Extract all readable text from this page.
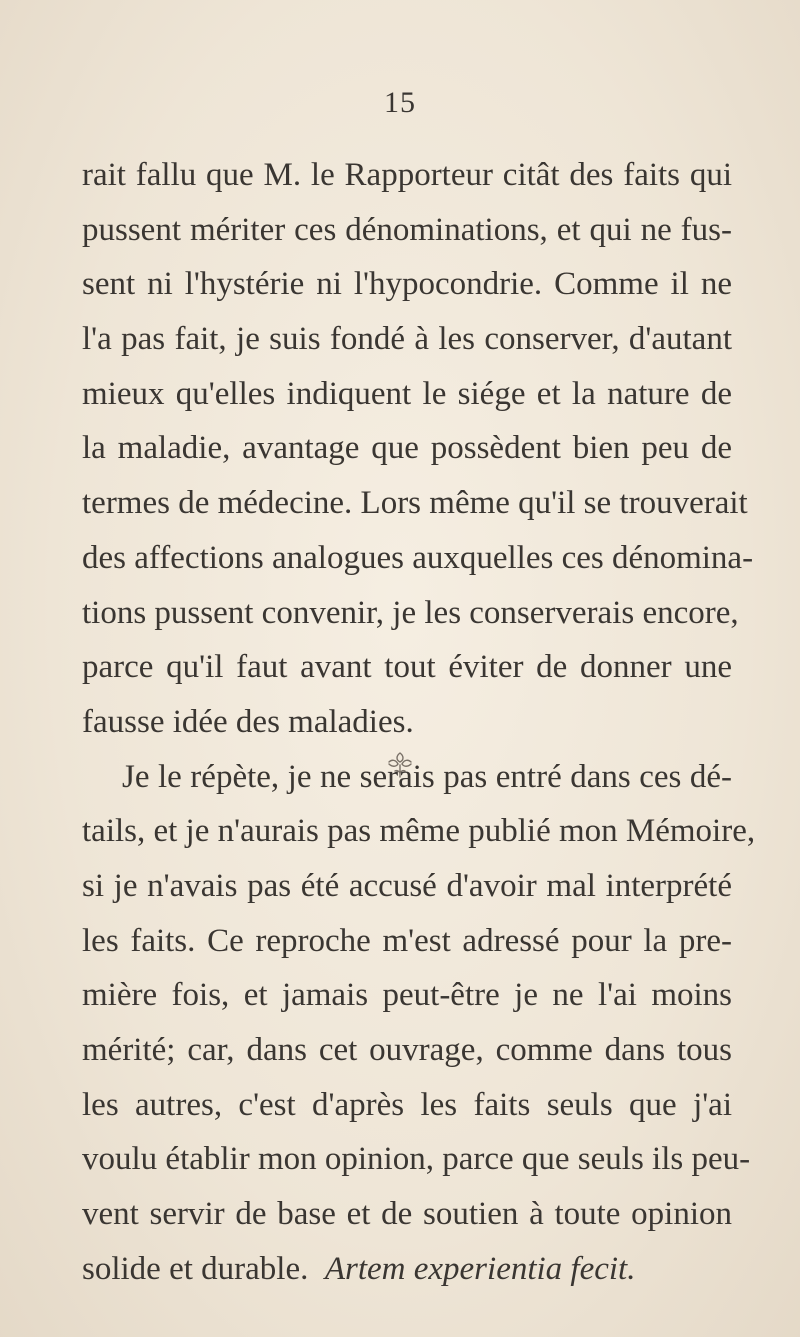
15
rait fallu que M. le Rapporteur citât des faits qui
pussent mériter ces dénominations, et qui ne fus-
sent ni l'hystérie ni l'hypocondrie. Comme il ne
l'a pas fait, je suis fondé à les conserver, d'autant
mieux qu'elles indiquent le siége et la nature de
la maladie, avantage que possèdent bien peu de
termes de médecine. Lors même qu'il se trouverait
des affections analogues auxquelles ces dénomina-
tions pussent convenir, je les conserverais encore,
parce qu'il faut avant tout éviter de donner une
fausse idée des maladies.
Je le répète, je ne serais pas entré dans ces dé-
tails, et je n'aurais pas même publié mon Mémoire,
si je n'avais pas été accusé d'avoir mal interprété
les faits. Ce reproche m'est adressé pour la pre-
mière fois, et jamais peut-être je ne l'ai moins
mérité; car, dans cet ouvrage, comme dans tous
les autres, c'est d'après les faits seuls que j'ai
voulu établir mon opinion, parce que seuls ils peu-
vent servir de base et de soutien à toute opinion
solide et durable. Artem experientia fecit.
